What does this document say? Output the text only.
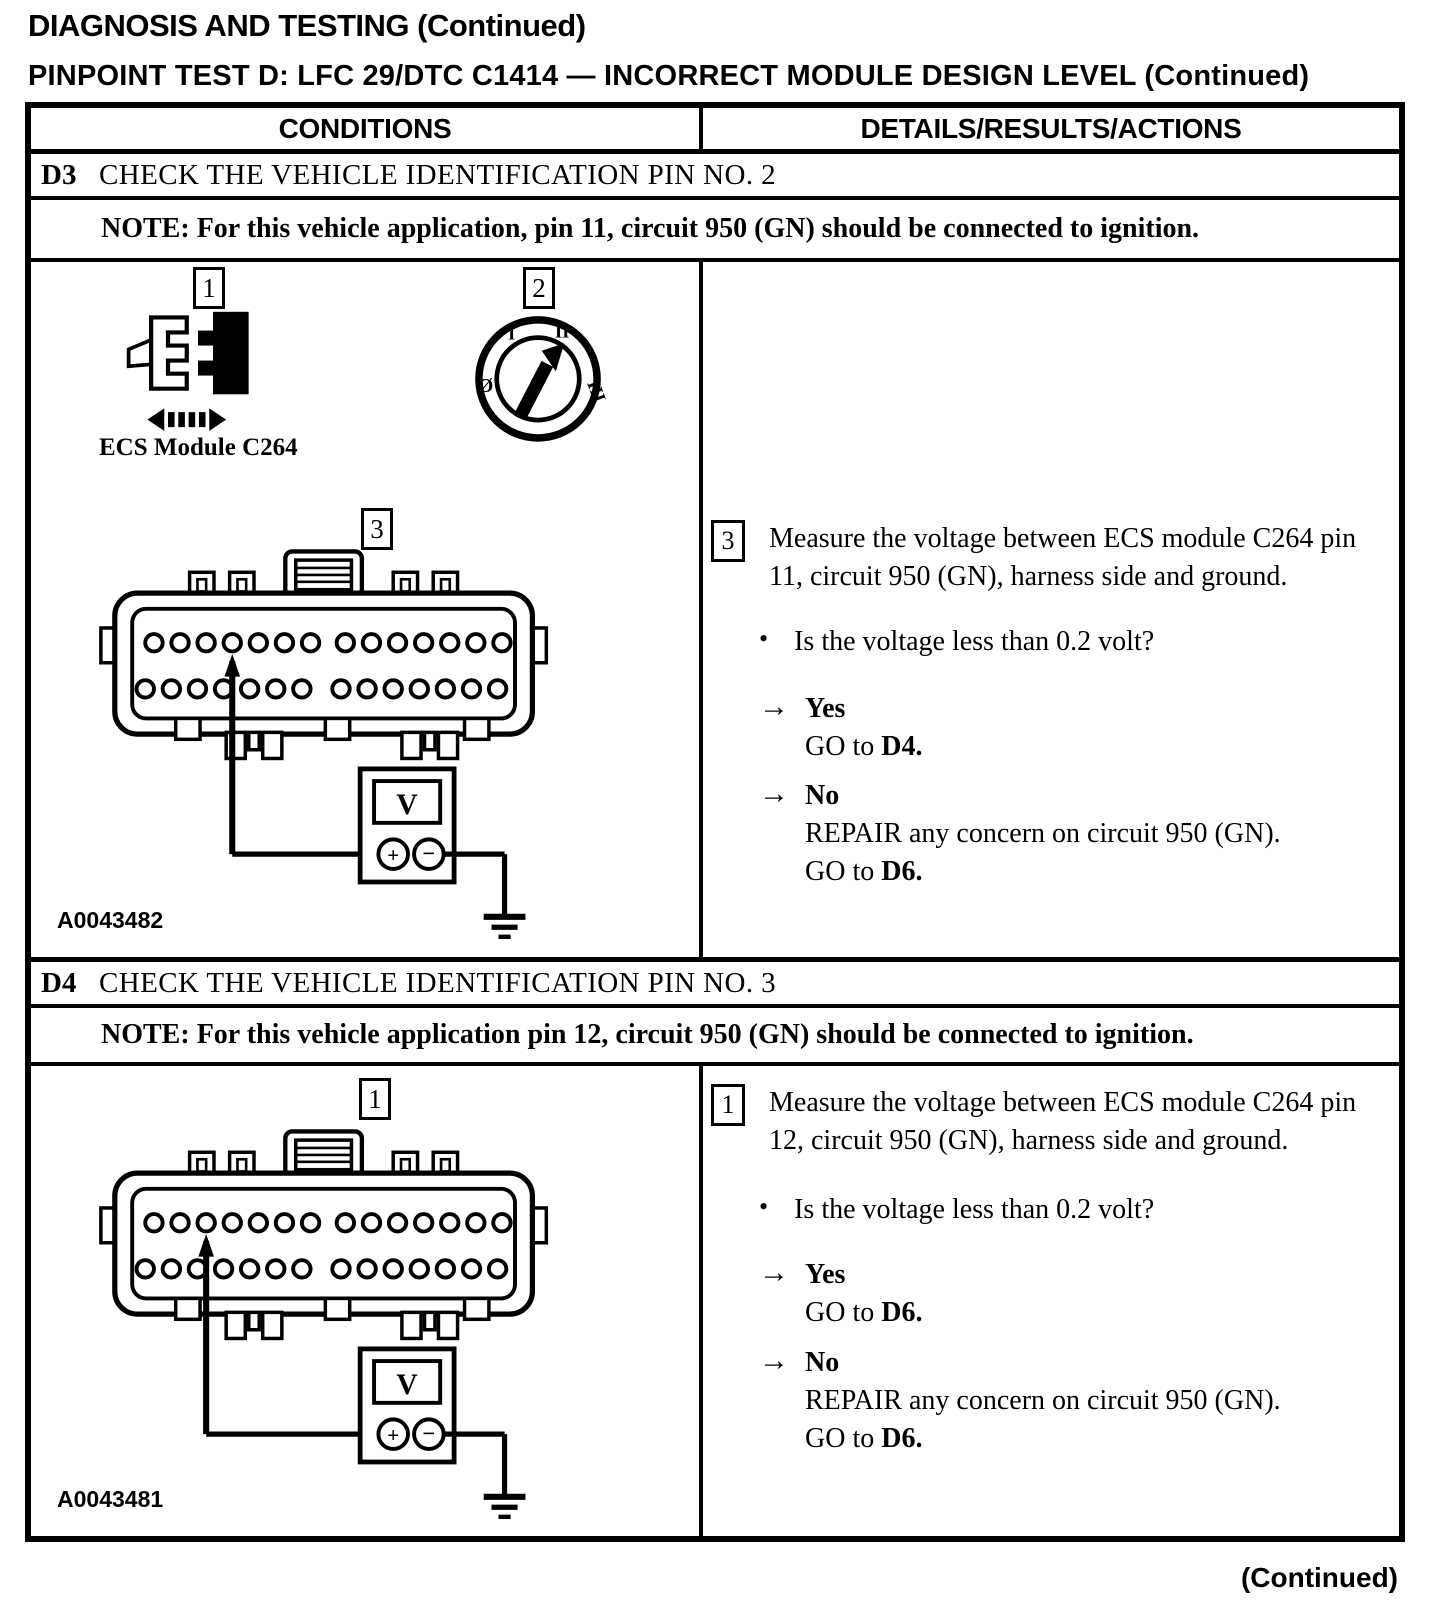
DIAGNOSIS AND TESTING (Continued)
PINPOINT TEST D: LFC 29/DTC C1414 — INCORRECT MODULE DESIGN LEVEL (Continued)
CONDITIONS	DETAILS/RESULTS/ACTIONS
D3 CHECK THE VEHICLE IDENTIFICATION PIN NO. 2
NOTE: For this vehicle application, pin 11, circuit 950 (GN) should be connected to ignition.
1	2
Ø
I II
III
ECS Module C264
3
V
+ −
A0043482
3	Measure the voltage between ECS module C264 pin 11, circuit 950 (GN), harness side and ground.
• Is the voltage less than 0.2 volt?
→ Yes
GO to D4.
→ No
REPAIR any concern on circuit 950 (GN).
GO to D6.
D4 CHECK THE VEHICLE IDENTIFICATION PIN NO. 3
NOTE: For this vehicle application pin 12, circuit 950 (GN) should be connected to ignition.
1
V
+ −
A0043481
1	Measure the voltage between ECS module C264 pin 12, circuit 950 (GN), harness side and ground.
• Is the voltage less than 0.2 volt?
→ Yes
GO to D6.
→ No
REPAIR any concern on circuit 950 (GN).
GO to D6.
(Continued)
